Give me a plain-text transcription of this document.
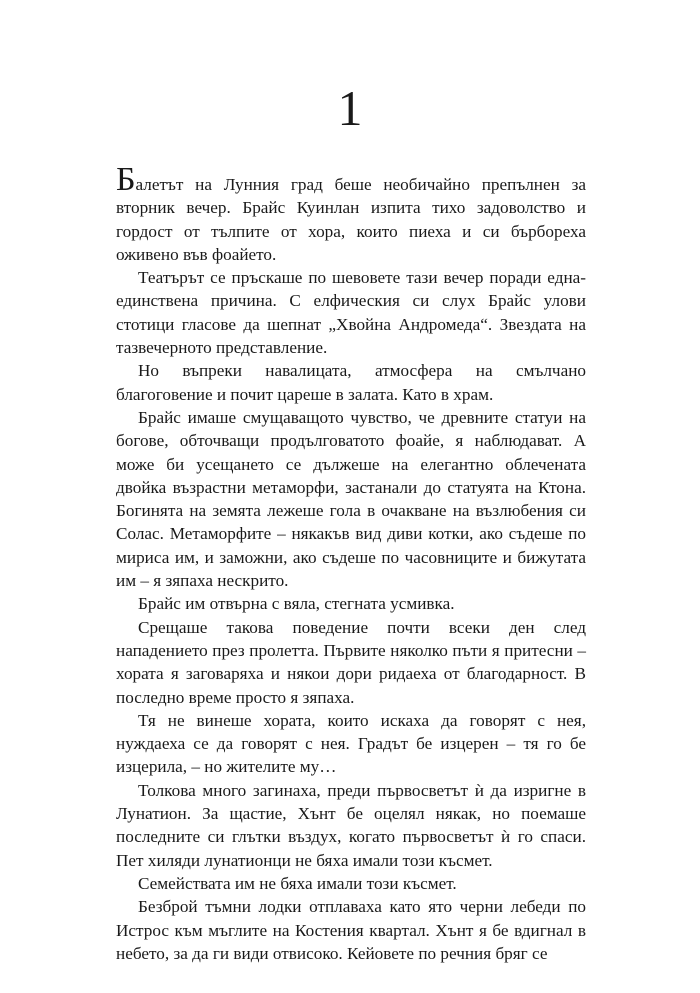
1

Балетът на Лунния град беше необичайно препълнен за вторник вечер. Брайс Куинлан изпита тихо задоволство и гордост от тълпите от хора, които пиеха и си бърбореха оживено във фоайето.

Театърът се пръскаше по шевовете тази вечер поради една-единствена причина. С елфическия си слух Брайс улови стотици гласове да шепнат „Хвойна Андромеда“. Звездата на тазвечерното представление.

Но въпреки навалицата, атмосфера на смълчано благоговение и почит цареше в залата. Като в храм.

Брайс имаше смущаващото чувство, че древните статуи на богове, обточващи продълговатото фоайе, я наблюдават. А може би усещането се дължеше на елегантно облечената двойка възрастни метаморфи, застанали до статуята на Ктона. Богинята на земята лежеше гола в очакване на възлюбения си Солас. Метаморфите – някакъв вид диви котки, ако съдеше по мириса им, и заможни, ако съдеше по часовниците и бижутата им – я зяпаха нескрито.

Брайс им отвърна с вяла, стегната усмивка.

Срещаше такова поведение почти всеки ден след нападението през пролетта. Първите няколко пъти я притесни – хората я заговаряха и някои дори ридаеха от благодарност. В последно време просто я зяпаха.

Тя не винеше хората, които искаха да говорят с нея, нуждаеха се да говорят с нея. Градът бе изцерен – тя го бе изцерила, – но жителите му…

Толкова много загинаха, преди първосветът ѝ да изригне в Лунатион. За щастие, Хънт бе оцелял някак, но поемаше последните си глътки въздух, когато първосветът ѝ го спаси. Пет хиляди лунатионци не бяха имали този късмет.

Семействата им не бяха имали този късмет.

Безброй тъмни лодки отплаваха като ято черни лебеди по Истрос към мъглите на Костения квартал. Хънт я бе вдигнал в небето, за да ги види отвисоко. Кейовете по речния бряг се
